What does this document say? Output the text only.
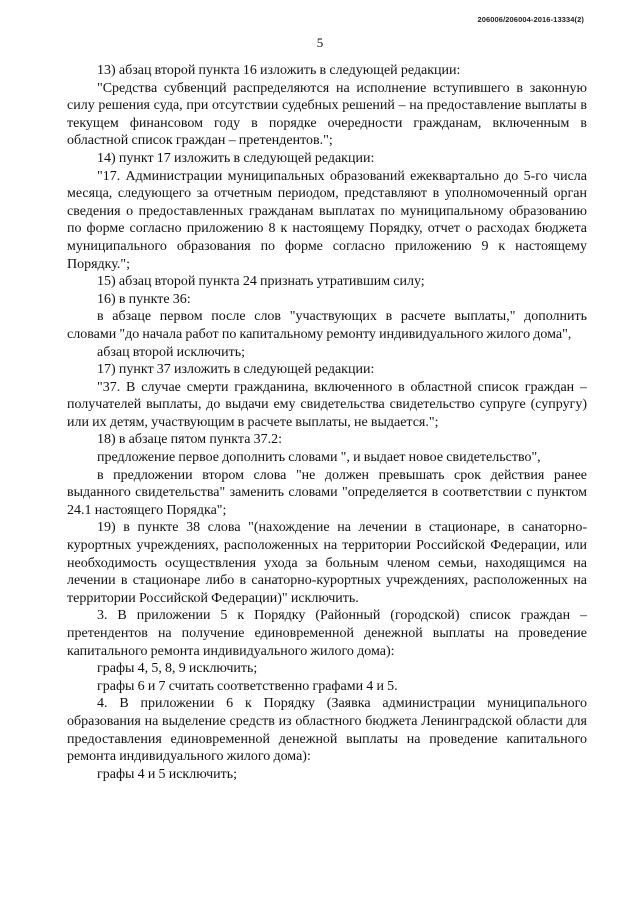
206006/206004-2016-13334(2)
5

13) абзац второй пункта 16 изложить в следующей редакции:

"Средства субвенций распределяются на исполнение вступившего в законную силу решения суда, при отсутствии судебных решений – на предоставление выплаты в текущем финансовом году в порядке очередности гражданам, включенным в областной список граждан – претендентов.";

14) пункт 17 изложить в следующей редакции:

"17. Администрации муниципальных образований ежеквартально до 5-го числа месяца, следующего за отчетным периодом, представляют в уполномоченный орган сведения о предоставленных гражданам выплатах по муниципальному образованию по форме согласно приложению 8 к настоящему Порядку, отчет о расходах бюджета муниципального образования по форме согласно приложению 9 к настоящему Порядку.";

15) абзац второй пункта 24 признать утратившим силу;

16) в пункте 36:

в абзаце первом после слов "участвующих в расчете выплаты," дополнить словами "до начала работ по капитальному ремонту индивидуального жилого дома",

абзац второй исключить;

17) пункт 37 изложить в следующей редакции:

"37. В случае смерти гражданина, включенного в областной список граждан – получателей выплаты, до выдачи ему свидетельства свидетельство супруге (супругу) или их детям, участвующим в расчете выплаты, не выдается.";

18) в абзаце пятом пункта 37.2:

предложение первое дополнить словами ", и выдает новое свидетельство",

в предложении втором слова "не должен превышать срок действия ранее выданного свидетельства" заменить словами "определяется в соответствии с пунктом 24.1 настоящего Порядка";

19) в пункте 38 слова "(нахождение на лечении в стационаре, в санаторно-курортных учреждениях, расположенных на территории Российской Федерации, или необходимость осуществления ухода за больным членом семьи, находящимся на лечении в стационаре либо в санаторно-курортных учреждениях, расположенных на территории Российской Федерации)" исключить.

3. В приложении 5 к Порядку (Районный (городской) список граждан – претендентов на получение единовременной денежной выплаты на проведение капитального ремонта индивидуального жилого дома):

графы 4, 5, 8, 9 исключить;

графы 6 и 7 считать соответственно графами 4 и 5.

4. В приложении 6 к Порядку (Заявка администрации муниципального образования на выделение средств из областного бюджета Ленинградской области для предоставления единовременной денежной выплаты на проведение капитального ремонта индивидуального жилого дома):

графы 4 и 5 исключить;
